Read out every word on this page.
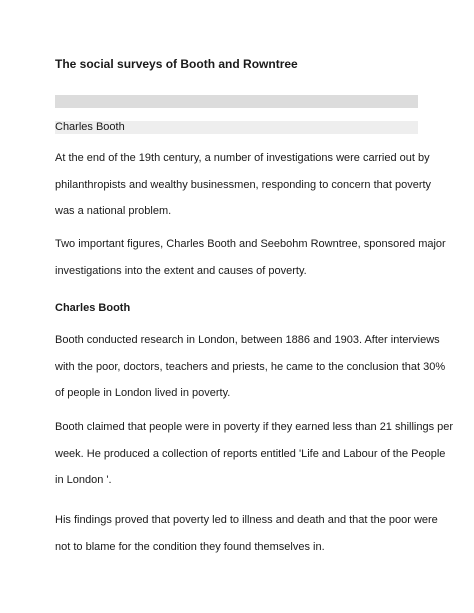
The social surveys of Booth and Rowntree
Charles Booth

At the end of the 19th century, a number of investigations were carried out by
philanthropists and wealthy businessmen, responding to concern that poverty
was a national problem.

Two important figures, Charles Booth and Seebohm Rowntree, sponsored major
investigations into the extent and causes of poverty.

Charles Booth

Booth conducted research in London, between 1886 and 1903. After interviews
with the poor, doctors, teachers and priests, he came to the conclusion that 30%
of people in London lived in poverty.

Booth claimed that people were in poverty if they earned less than 21 shillings per
week. He produced a collection of reports entitled 'Life and Labour of the People
in London '.

His findings proved that poverty led to illness and death and that the poor were
not to blame for the condition they found themselves in.
